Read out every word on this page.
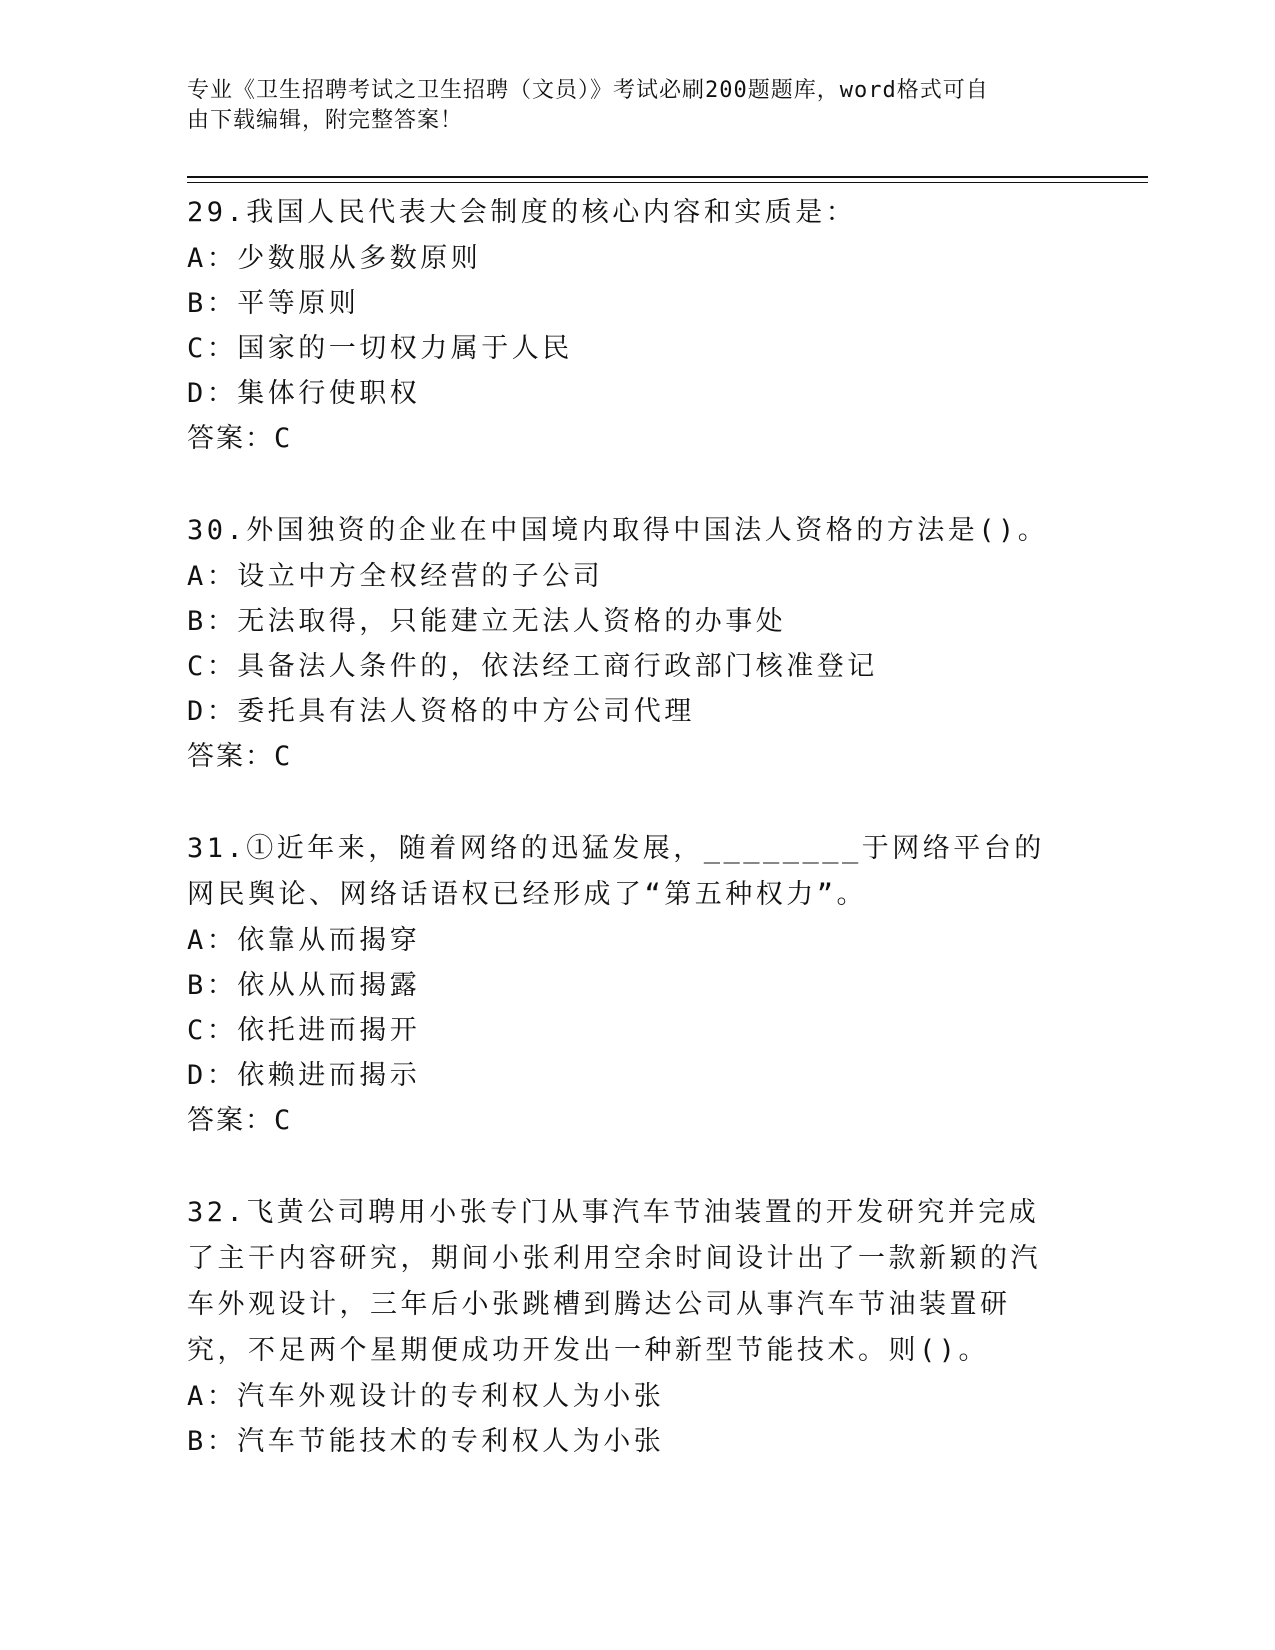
专业《卫生招聘考试之卫生招聘（文员）》考试必刷200题题库，word格式可自
由下载编辑，附完整答案！
29.我国人民代表大会制度的核心内容和实质是：
A：少数服从多数原则
B：平等原则
C：国家的一切权力属于人民
D：集体行使职权
答案：C
30.外国独资的企业在中国境内取得中国法人资格的方法是()。
A：设立中方全权经营的子公司
B：无法取得，只能建立无法人资格的办事处
C：具备法人条件的，依法经工商行政部门核准登记
D：委托具有法人资格的中方公司代理
答案：C
31.①近年来，随着网络的迅猛发展，________于网络平台的网民舆论、网络话语权已经形成了“第五种权力”。
A：依靠从而揭穿
B：依从从而揭露
C：依托进而揭开
D：依赖进而揭示
答案：C
32.飞黄公司聘用小张专门从事汽车节油装置的开发研究并完成了主干内容研究，期间小张利用空余时间设计出了一款新颖的汽车外观设计，三年后小张跳槽到腾达公司从事汽车节油装置研究，不足两个星期便成功开发出一种新型节能技术。则()。
A：汽车外观设计的专利权人为小张
B：汽车节能技术的专利权人为小张
